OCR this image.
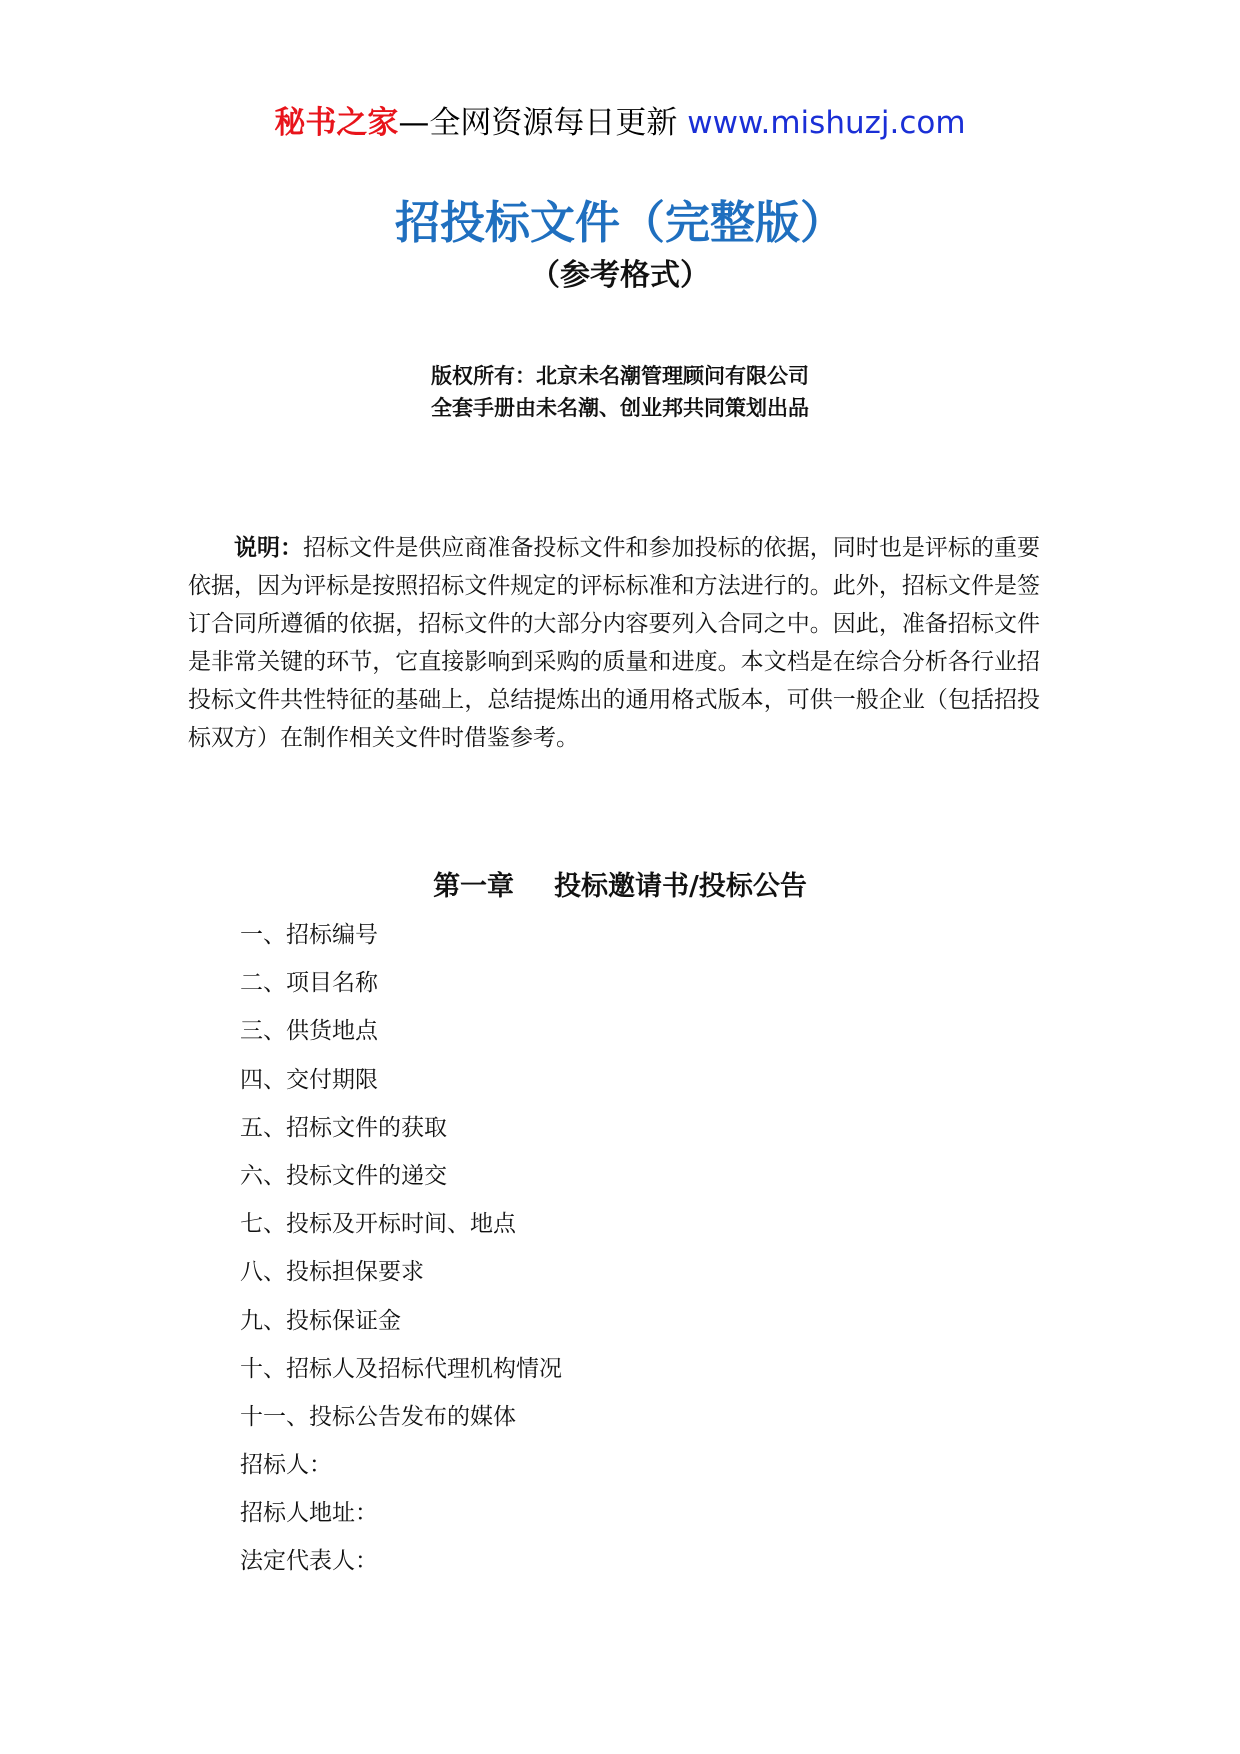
秘书之家—全网资源每日更新 www.mishuzj.com
招投标文件（完整版）
（参考格式）
版权所有：北京未名潮管理顾问有限公司
全套手册由未名潮、创业邦共同策划出品

说明：招标文件是供应商准备投标文件和参加投标的依据，同时也是评标的重要依据，因为评标是按照招标文件规定的评标标准和方法进行的。此外，招标文件是签订合同所遵循的依据，招标文件的大部分内容要列入合同之中。因此，准备招标文件是非常关键的环节，它直接影响到采购的质量和进度。本文档是在综合分析各行业招投标文件共性特征的基础上，总结提炼出的通用格式版本，可供一般企业（包括招投标双方）在制作相关文件时借鉴参考。

第一章 投标邀请书/投标公告
一、招标编号
二、项目名称
三、供货地点
四、交付期限
五、招标文件的获取
六、投标文件的递交
七、投标及开标时间、地点
八、投标担保要求
九、投标保证金
十、招标人及招标代理机构情况
十一、投标公告发布的媒体
招标人：
招标人地址：
法定代表人：
